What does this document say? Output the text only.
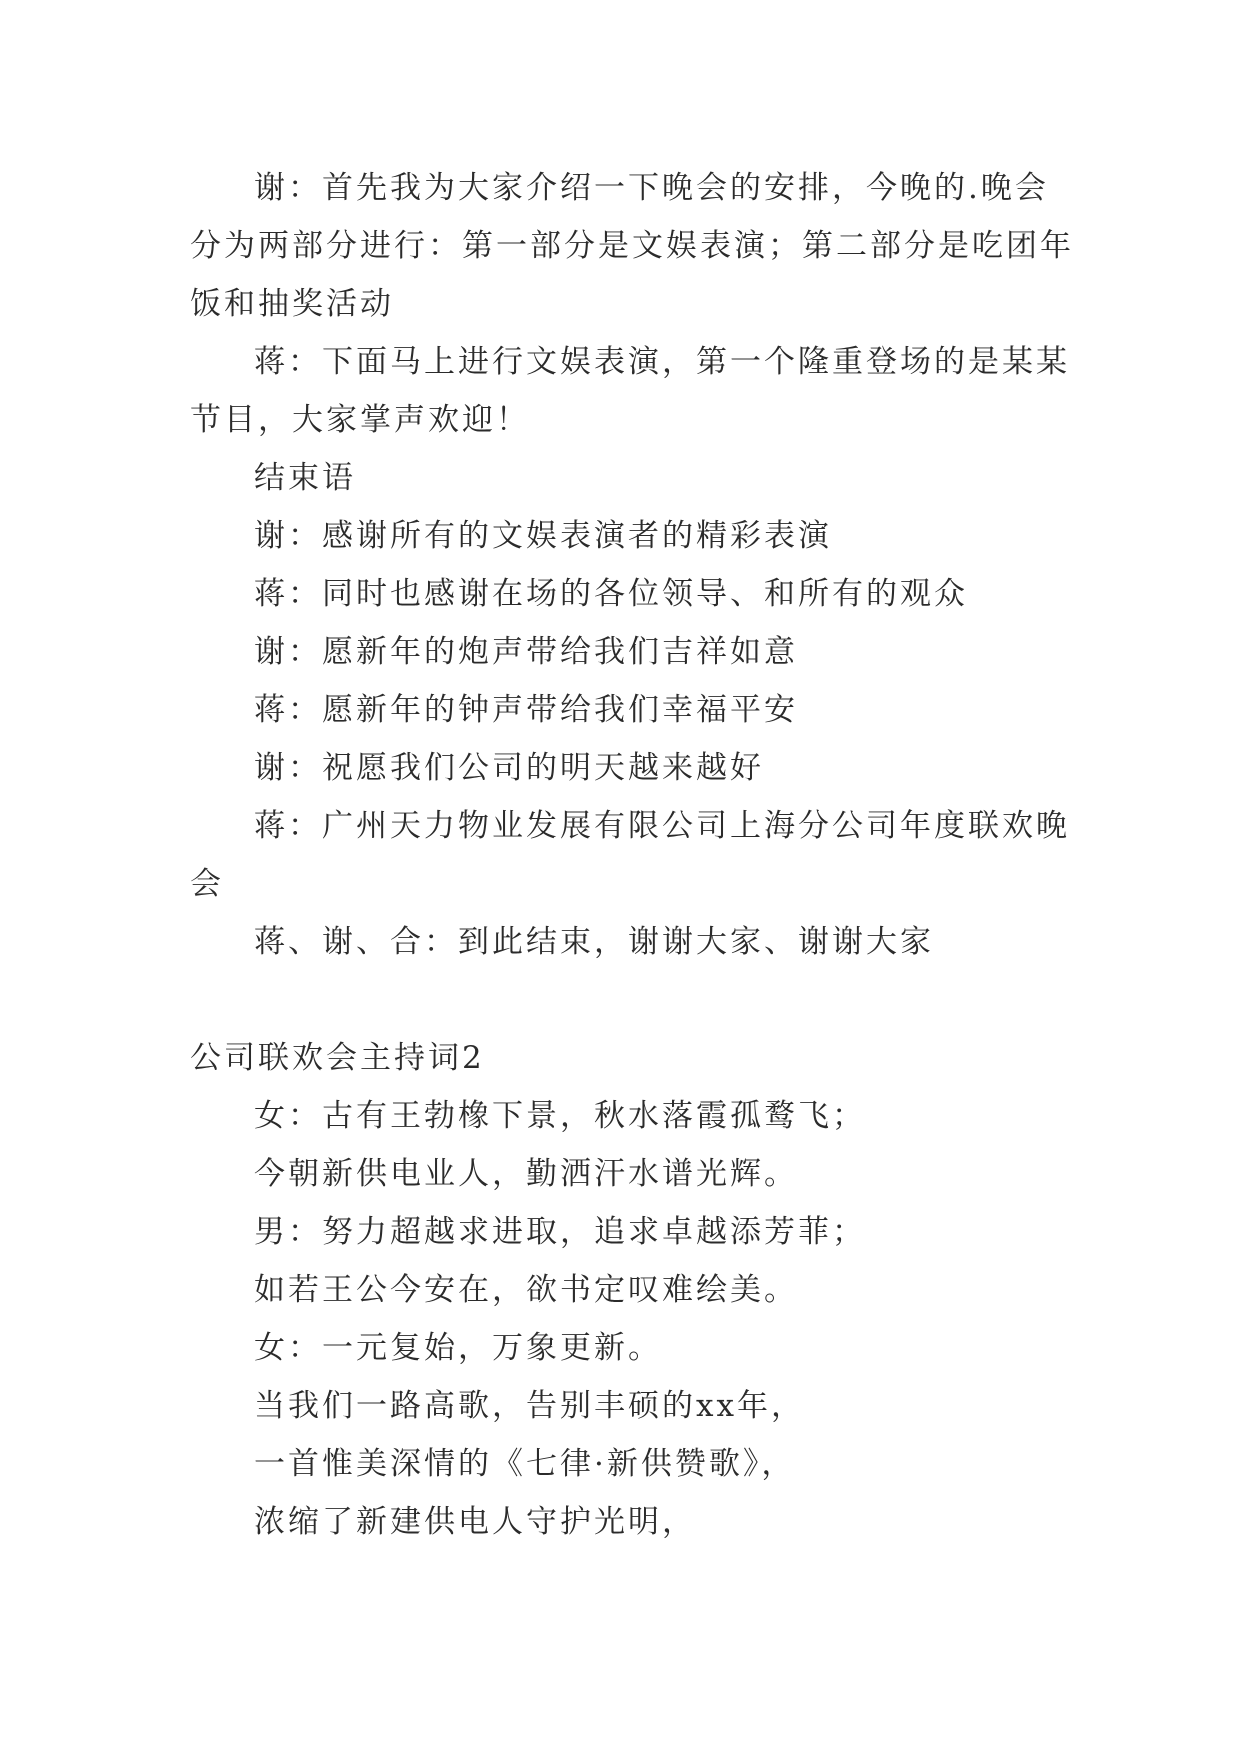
谢：首先我为大家介绍一下晚会的安排，今晚的.晚会
分为两部分进行：第一部分是文娱表演；第二部分是吃团年
饭和抽奖活动
蒋：下面马上进行文娱表演，第一个隆重登场的是某某
节目，大家掌声欢迎！
结束语
谢：感谢所有的文娱表演者的精彩表演
蒋：同时也感谢在场的各位领导、和所有的观众
谢：愿新年的炮声带给我们吉祥如意
蒋：愿新年的钟声带给我们幸福平安
谢：祝愿我们公司的明天越来越好
蒋：广州天力物业发展有限公司上海分公司年度联欢晚
会
蒋、谢、合：到此结束，谢谢大家、谢谢大家
公司联欢会主持词2
女：古有王勃橡下景，秋水落霞孤鹜飞；
今朝新供电业人，勤洒汗水谱光辉。
男：努力超越求进取，追求卓越添芳菲；
如若王公今安在，欲书定叹难绘美。
女：一元复始，万象更新。
当我们一路高歌，告别丰硕的xx年，
一首惟美深情的《七律·新供赞歌》，
浓缩了新建供电人守护光明，
